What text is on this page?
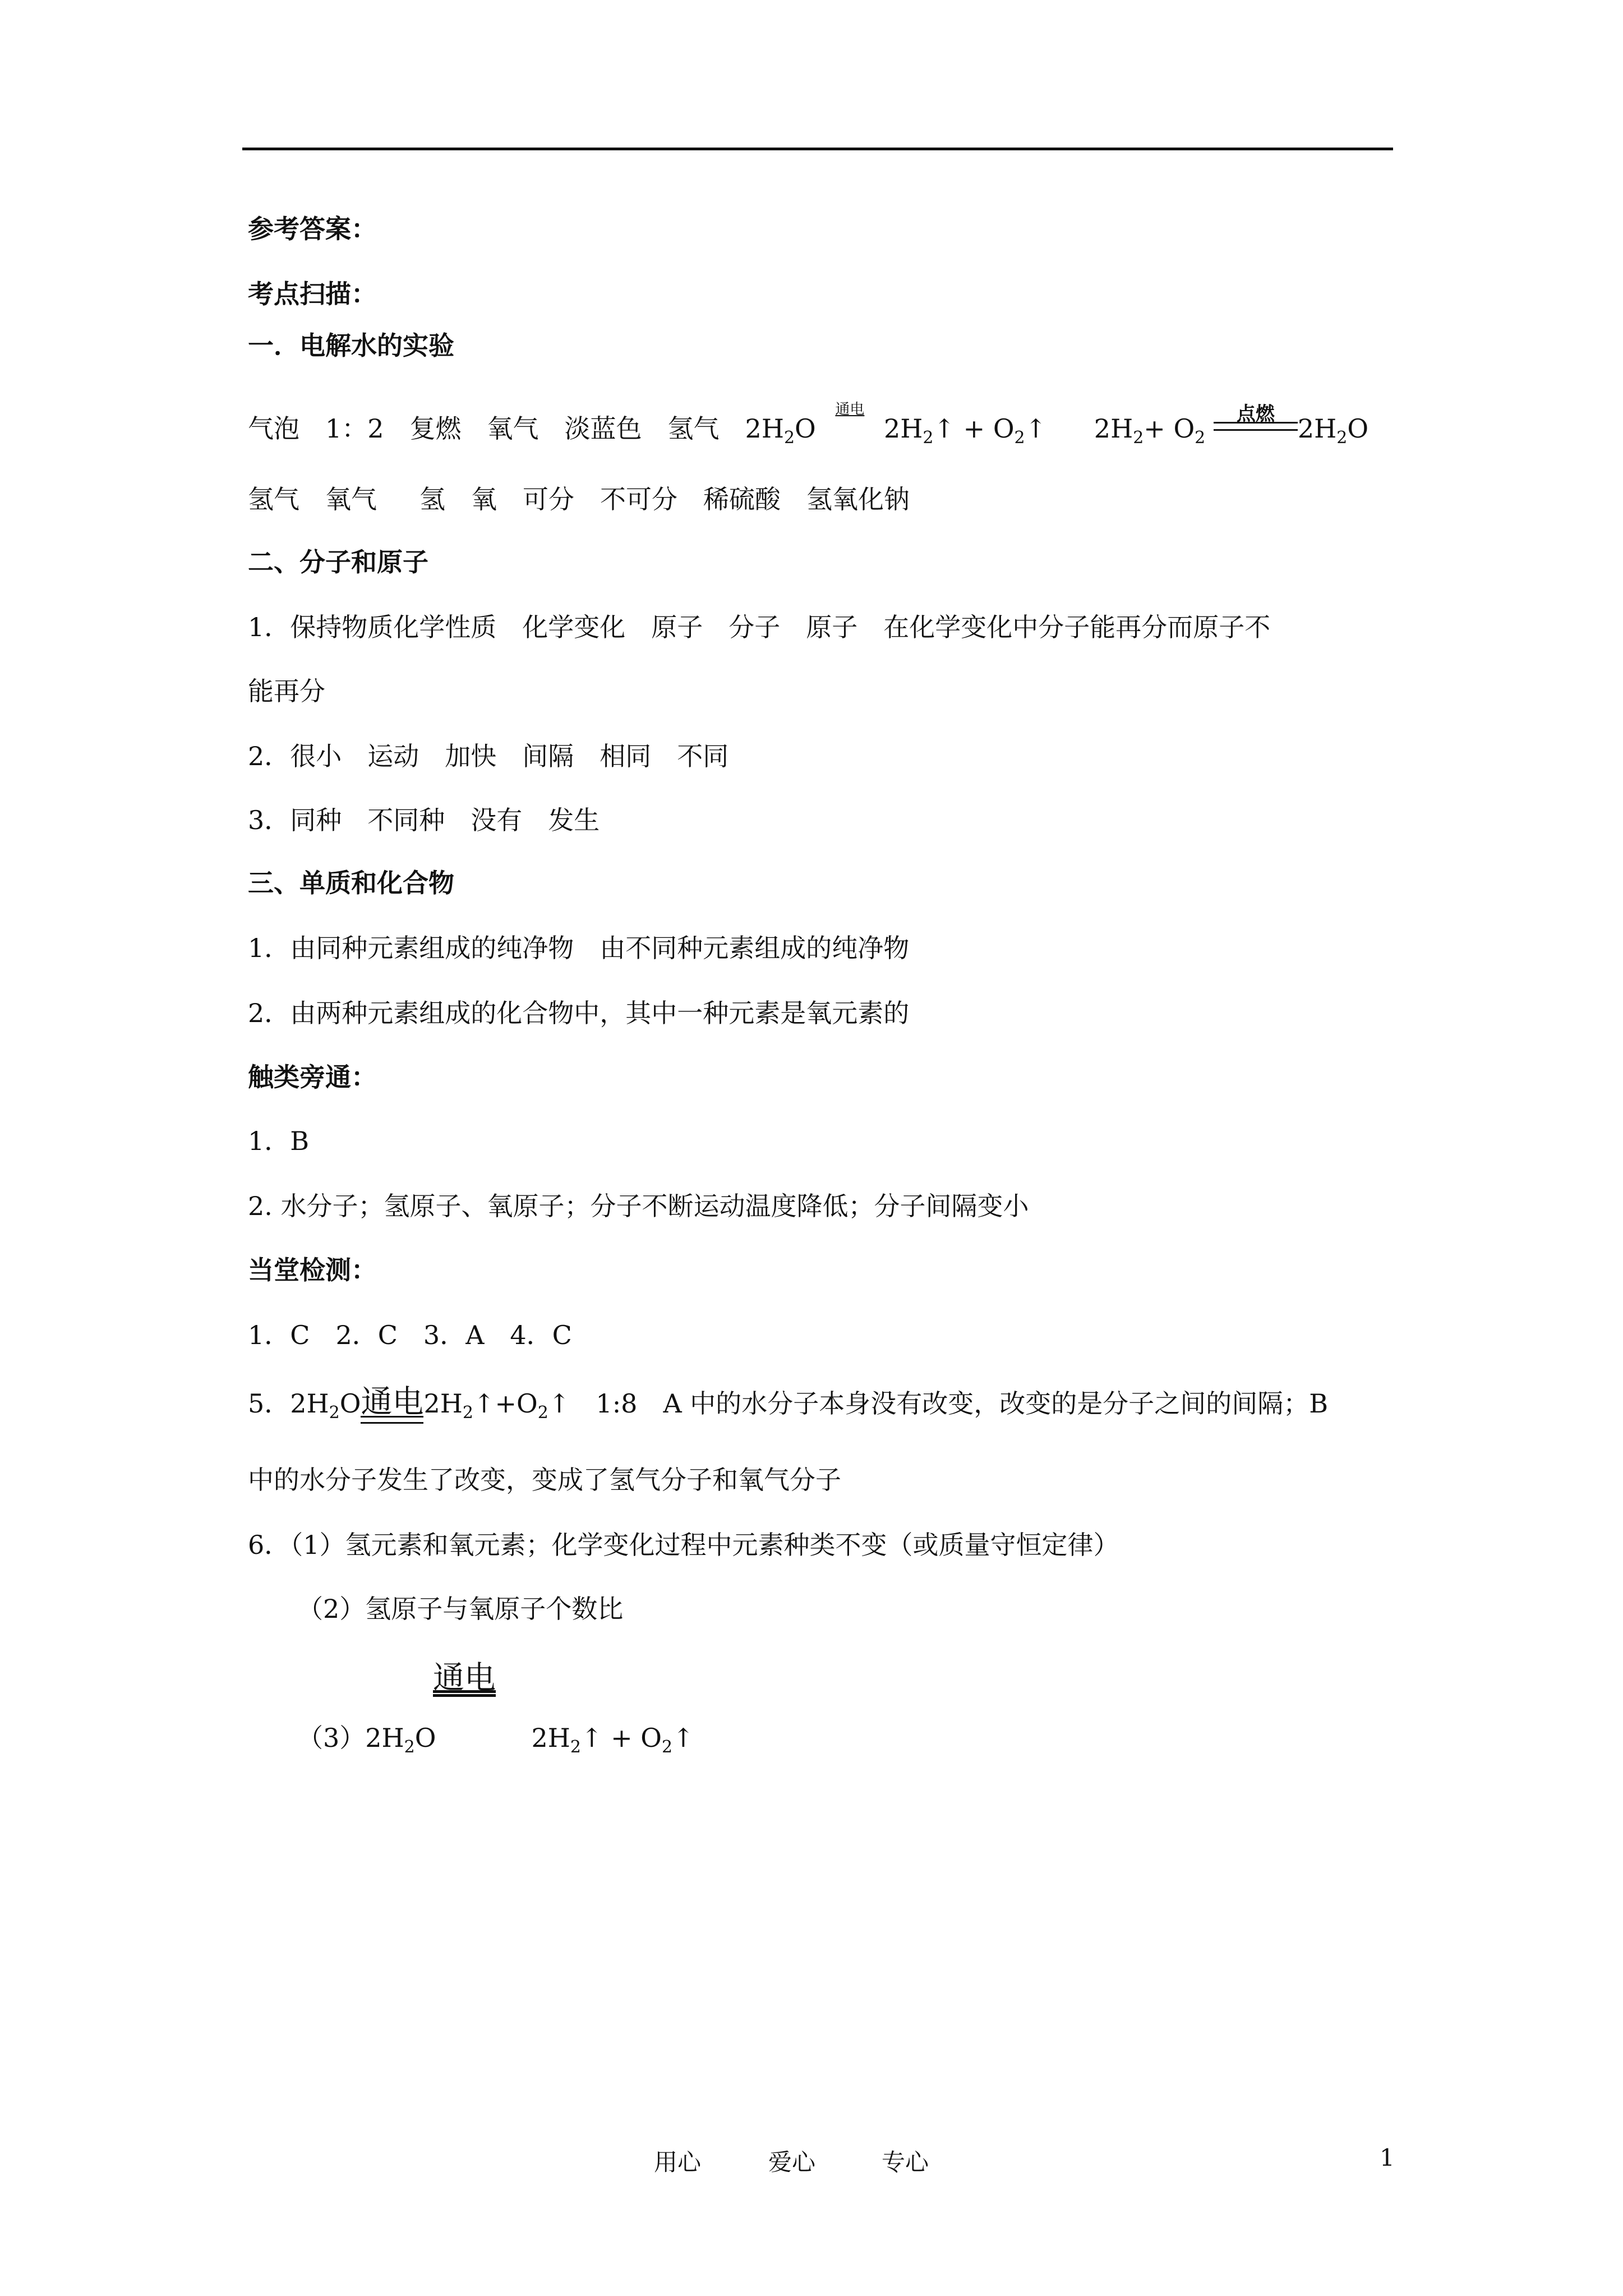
参考答案：
考点扫描：
一．电解水的实验
气泡 1：2 复燃 氧气 淡蓝色 氢气 $2H_2O$
通电
$2H_2↑$ + $O_2↑$ $2H_2+ O_2$
点燃 $2H_2O$
氢气 氧气 氢 氧 可分 不可分 稀硫酸 氢氧化钠
二、分子和原子
1．保持物质化学性质　化学变化　原子　分子　原子　在化学变化中分子能再分而原子不
能再分
2．很小　运动　加快　间隔　相同　不同
3．同种　不同种　没有　发生
三、单质和化合物
1．由同种元素组成的纯净物　由不同种元素组成的纯净物
2．由两种元素组成的化合物中，其中一种元素是氧元素的
触类旁通：
1．B
2. 水分子；氢原子、氧原子；分子不断运动温度降低；分子间隔变小
当堂检测：
1．C　2．C　3．A　4．C
5．$2H_2O$通电$2H_2↑+O_2↑$　1:8　A 中的水分子本身没有改变，改变的是分子之间的间隔；B
中的水分子发生了改变，变成了氢气分子和氧气分子
6．（1）氢元素和氧元素；化学变化过程中元素种类不变（或质量守恒定律）
（2）氢原子与氧原子个数比
通电
$(3)2H_2O$	$2H_2↑$ + $O_2↑$
用心	爱心	专心	1
